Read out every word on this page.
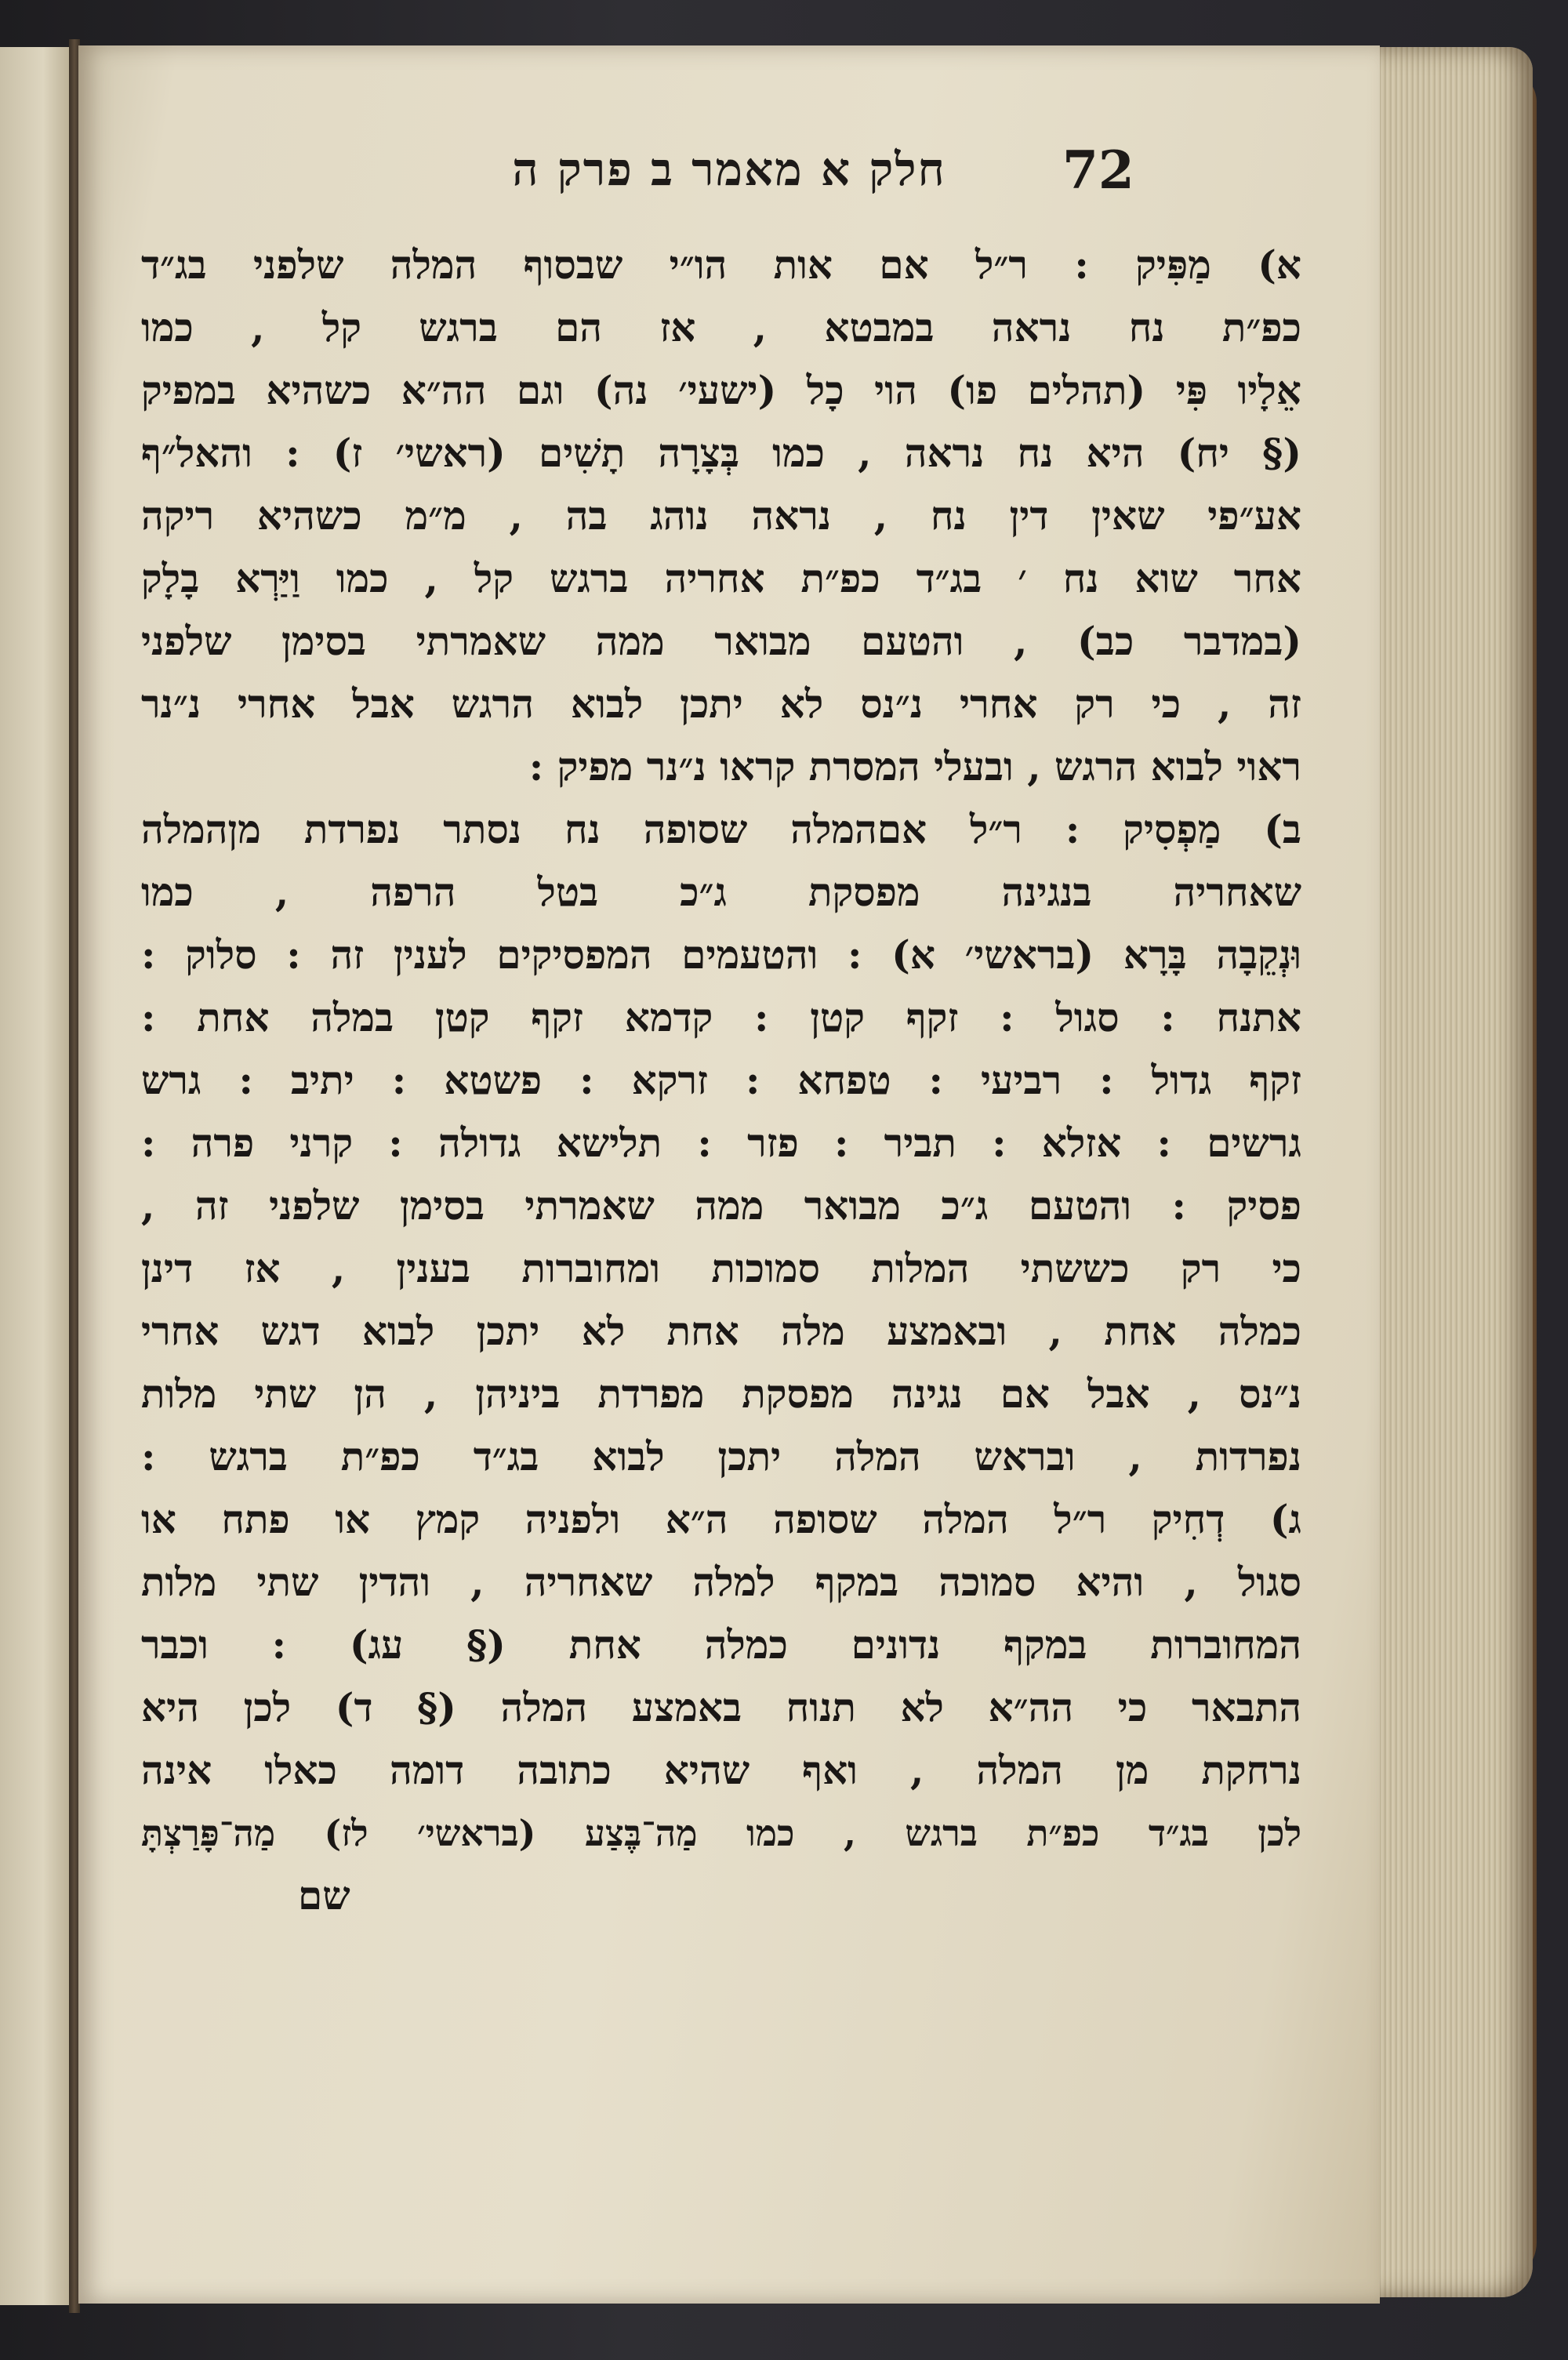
72
חלק א מאמר ב פרק ה
א) מַפִּיק : ר״ל אם אות הו״י שבסוף המלה שלפני בג״ד
כפ״ת נח נראה במבטא , אז הם ברגש קל , כמו
אֵלָיו פִּי (תהלים פו) הוי כָל (ישעי׳ נה) וגם הה״א כשהיא במפיק
(§ יח) היא נח נראה , כמו בְּצָרָה תָשִׁים (ראשי׳ ז) : והאל״ף
אע״פי שאין דין נח , נראה נוהג בה , מ״מ כשהיא ריקה
אחר שוא נח ׳ בג״ד כפ״ת אחריה ברגש קל , כמו וַיַּרְא בָלָק
(במדבר כב) , והטעם מבואר ממה שאמרתי בסימן שלפני
זה , כי רק אחרי נ״נס לא יתכן לבוא הרגש אבל אחרי נ״נר
ראוי לבוא הרגש , ובעלי המסרת קראו נ״נר מפיק :
ב) מַפְסִיק : ר״ל אםהמלה שסופה נח נסתר נפרדת מןהמלה
שאחריה בנגינה מפסקת ג״כ בטל הרפה , כמו
וּנְקֵבָה בָּרָא (בראשי׳ א) : והטעמים המפסיקים לענין זה : סלוק :
אתנח : סגול : זקף קטן : קדמא זקף קטן במלה אחת :
זקף גדול : רביעי : טפחא : זרקא : פשטא : יתיב : גרש
גרשים : אזלא : תביר : פזר : תלישא גדולה : קרני פרה :
פסיק : והטעם ג״כ מבואר ממה שאמרתי בסימן שלפני זה ,
כי רק כששתי המלות סמוכות ומחוברות בענין , אז דינן
כמלה אחת , ובאמצע מלה אחת לא יתכן לבוא דגש אחרי
נ״נס , אבל אם נגינה מפסקת מפרדת ביניהן , הן שתי מלות
נפרדות , ובראש המלה יתכן לבוא בג״ד כפ״ת ברגש :
ג) דְחִיק ר״ל המלה שסופה ה״א ולפניה קמץ או פתח או
סגול , והיא סמוכה במקף למלה שאחריה , והדין שתי מלות
המחוברות במקף נדונים כמלה אחת (§ עג) : וכבר
התבאר כי הה״א לא תנוח באמצע המלה (§ ד) לכן היא
נרחקת מן המלה , ואף שהיא כתובה דומה כאלו אינה
לכן בג״ד כפ״ת ברגש , כמו מַה־בֶּצַע (בראשי׳ לז) מַה־פָּרַצְתָּ
שם
